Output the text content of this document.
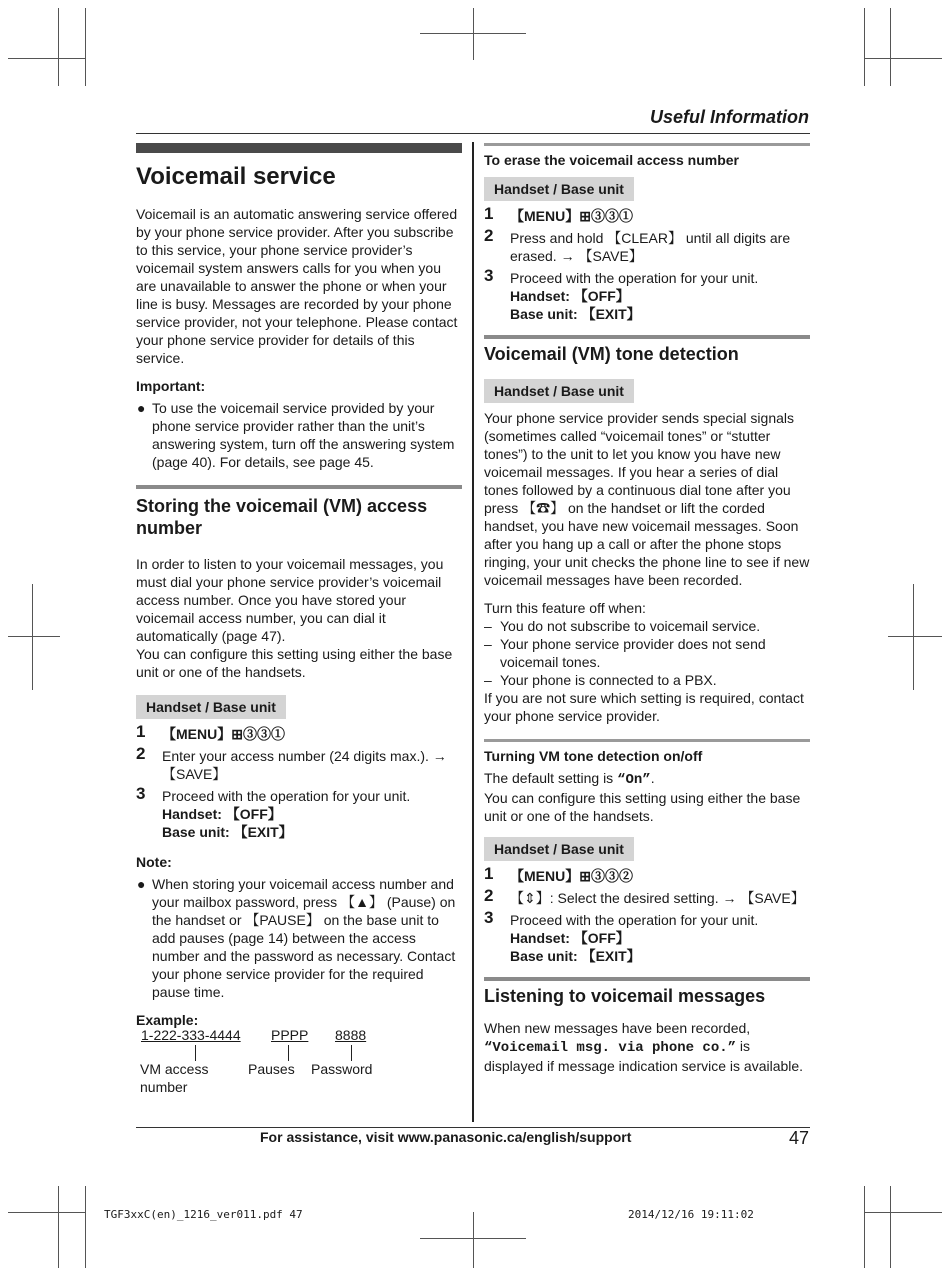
Useful Information
Voicemail service

Voicemail is an automatic answering service offered by your phone service provider. After you subscribe to this service, your phone service provider’s voicemail system answers calls for you when you are unavailable to answer the phone or when your line is busy. Messages are recorded by your phone service provider, not your telephone. Please contact your phone service provider for details of this service.

Important:
● To use the voicemail service provided by your phone service provider rather than the unit’s answering system, turn off the answering system (page 40). For details, see page 45.
Storing the voicemail (VM) access number

In order to listen to your voicemail messages, you must dial your phone service provider’s voicemail access number. Once you have stored your voicemail access number, you can dial it automatically (page 47).

You can configure this setting using either the base unit or one of the handsets.

Handset / Base unit
1 【MENU】⊞③③①
2 Enter your access number (24 digits max.). → 【SAVE】
3 Proceed with the operation for your unit.
Handset: 【OFF】
Base unit: 【EXIT】
Note:
● When storing your voicemail access number and your mailbox password, press 【▲】 (Pause) on the handset or 【PAUSE】 on the base unit to add pauses (page 14) between the access number and the password as necessary. Contact your phone service provider for the required pause time.
Example:
1-222-333-4444 PPPP 8888
VM access number
Pauses Password
To erase the voicemail access number
Handset / Base unit
1 【MENU】⊞③③①
2 Press and hold 【CLEAR】 until all digits are erased. → 【SAVE】
3 Proceed with the operation for your unit.
Handset: 【OFF】
Base unit: 【EXIT】
Voicemail (VM) tone detection
Handset / Base unit

Your phone service provider sends special signals (sometimes called “voicemail tones” or “stutter tones”) to the unit to let you know you have new voicemail messages. If you hear a series of dial tones followed by a continuous dial tone after you press 【☎】 on the handset or lift the corded handset, you have new voicemail messages. Soon after you hang up a call or after the phone stops ringing, your unit checks the phone line to see if new voicemail messages have been recorded.

Turn this feature off when:
– You do not subscribe to voicemail service.
– Your phone service provider does not send voicemail tones.
– Your phone is connected to a PBX.

If you are not sure which setting is required, contact your phone service provider.

Turning VM tone detection on/off
The default setting is “On”.

You can configure this setting using either the base unit or one of the handsets.

Handset / Base unit
1 【MENU】⊞③③②
2 【⇕】: Select the desired setting. → 【SAVE】
3 Proceed with the operation for your unit.
Handset: 【OFF】
Base unit: 【EXIT】
Listening to voicemail messages
When new messages have been recorded,
“Voicemail msg. via phone co.” is displayed if message indication service is available.
For assistance, visit www.panasonic.ca/english/support	47
TGF3xxC(en)_1216_ver011.pdf 47	2014/12/16 19:11:02
